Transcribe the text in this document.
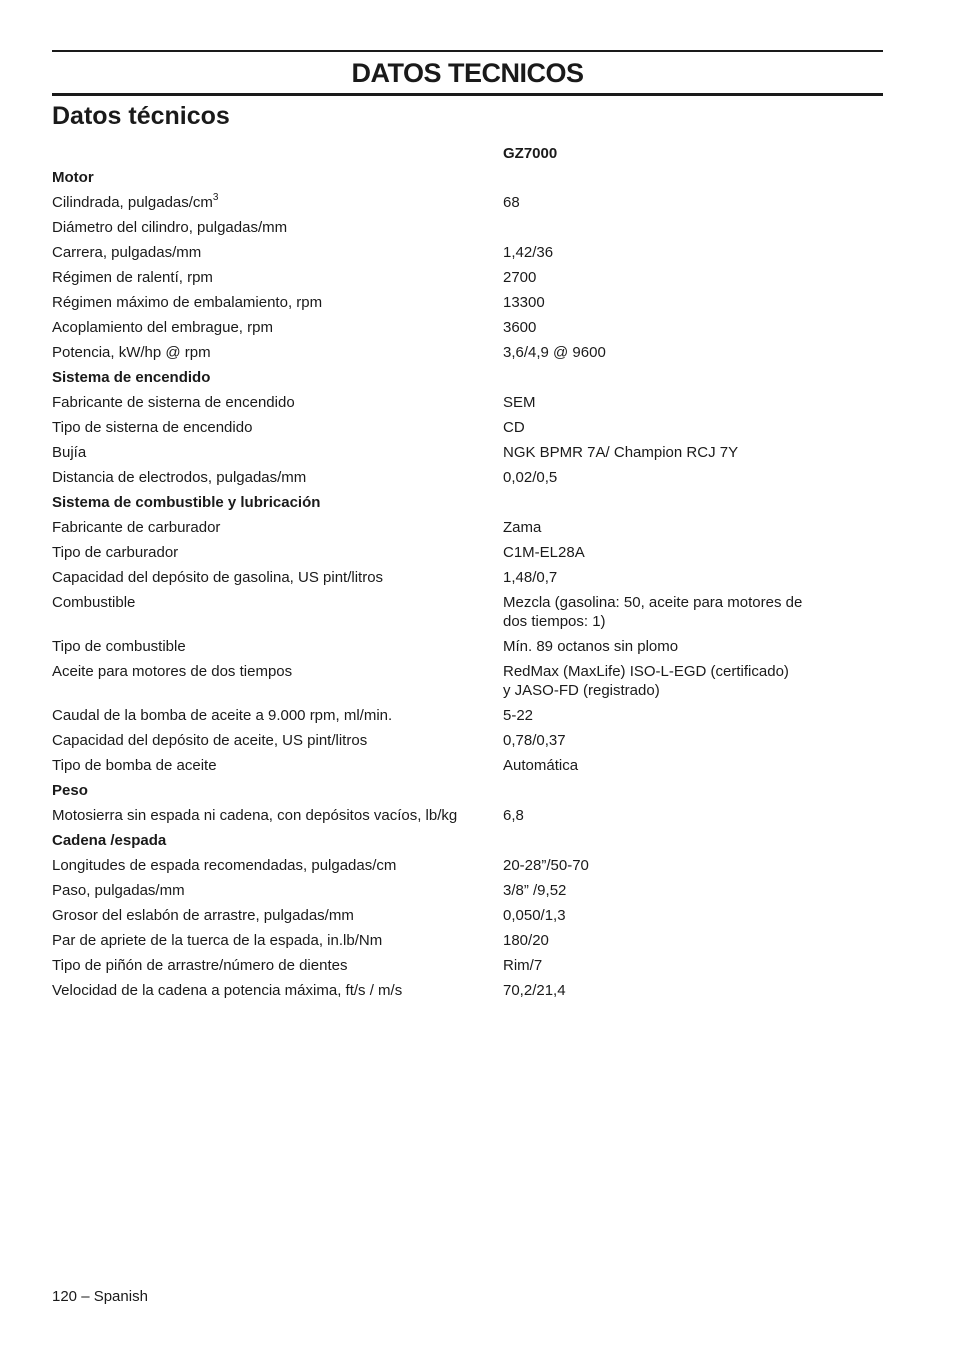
DATOS TECNICOS
Datos técnicos
GZ7000
Motor
Cilindrada, pulgadas/$cm^3$	68
Diámetro del cilindro, pulgadas/mm
Carrera, pulgadas/mm	1,42/36
Régimen de ralentí, rpm	2700
Régimen máximo de embalamiento, rpm	13300
Acoplamiento del embrague, rpm	3600
Potencia, kW/hp @ rpm	3,6/4,9 @ 9600
Sistema de encendido
Fabricante de sisterna de encendido	SEM
Tipo de sisterna de encendido	CD
Bujía	NGK BPMR 7A/ Champion RCJ 7Y
Distancia de electrodos, pulgadas/mm	0,02/0,5
Sistema de combustible y lubricación
Fabricante de carburador	Zama
Tipo de carburador	C1M-EL28A
Capacidad del depósito de gasolina, US pint/litros	1,48/0,7
Combustible	Mezcla (gasolina: 50, aceite para motores de
dos tiempos: 1)
Tipo de combustible	Mín. 89 octanos sin plomo
Aceite para motores de dos tiempos	RedMax (MaxLife) ISO-L-EGD (certificado)
y JASO-FD (registrado)
Caudal de la bomba de aceite a 9.000 rpm, ml/min.	5-22
Capacidad del depósito de aceite, US pint/litros	0,78/0,37
Tipo de bomba de aceite	Automática
Peso
Motosierra sin espada ni cadena, con depósitos vacíos, lb/kg	6,8
Cadena /espada
Longitudes de espada recomendadas, pulgadas/cm	20-28”/50-70
Paso, pulgadas/mm	3/8” /9,52
Grosor del eslabón de arrastre, pulgadas/mm	0,050/1,3
Par de apriete de la tuerca de la espada, in.lb/Nm	180/20
Tipo de piñón de arrastre/número de dientes	Rim/7
Velocidad de la cadena a potencia máxima, ft/s / m/s	70,2/21,4
120 – Spanish
